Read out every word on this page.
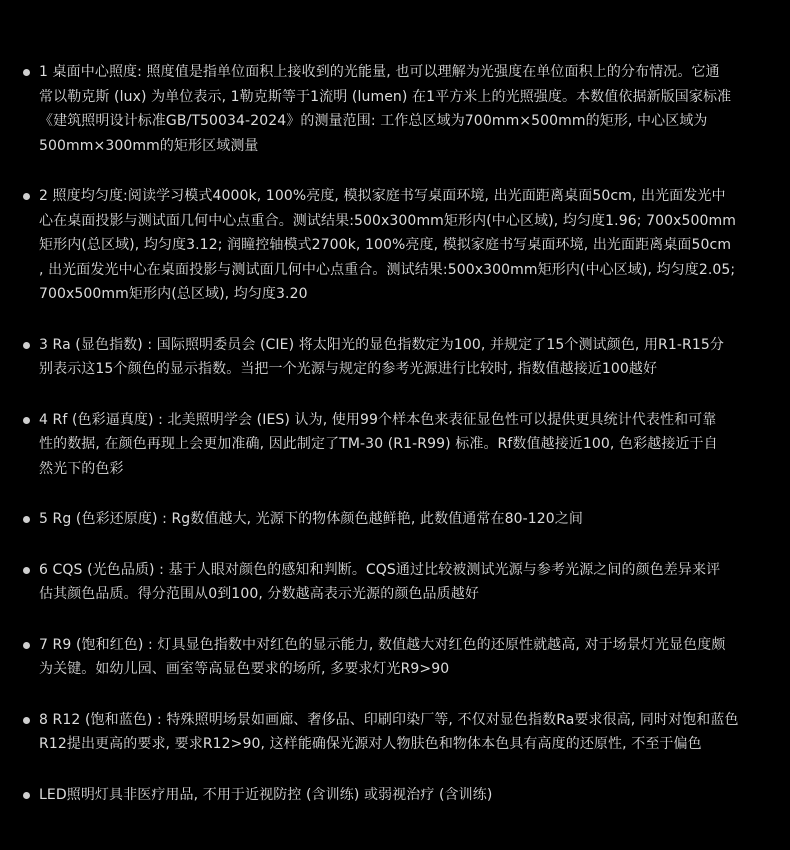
1 桌面中心照度: 照度值是指单位面积上接收到的光能量, 也可以理解为光强度在单位面积上的分布情况。它通
常以勒克斯 (lux) 为单位表示, 1勒克斯等于1流明 (lumen) 在1平方米上的光照强度。本数值依据新版国家标准
《建筑照明设计标准GB/T50034-2024》的测量范围: 工作总区域为700mm×500mm的矩形, 中心区域为
500mm×300mm的矩形区域测量
2 照度均匀度:阅读学习模式4000k, 100%亮度, 模拟家庭书写桌面环境, 出光面距离桌面50cm, 出光面发光中
心在桌面投影与测试面几何中心点重合。测试结果:500x300mm矩形内(中心区域), 均匀度1.96; 700x500mm
矩形内(总区域), 均匀度3.12; 润瞳控轴模式2700k, 100%亮度, 模拟家庭书写桌面环境, 出光面距离桌面50cm
, 出光面发光中心在桌面投影与测试面几何中心点重合。测试结果:500x300mm矩形内(中心区域), 均匀度2.05;
700x500mm矩形内(总区域), 均匀度3.20
3 Ra (显色指数) : 国际照明委员会 (CIE) 将太阳光的显色指数定为100, 并规定了15个测试颜色, 用R1-R15分
别表示这15个颜色的显示指数。当把一个光源与规定的参考光源进行比较时, 指数值越接近100越好
4 Rf (色彩逼真度) : 北美照明学会 (IES) 认为, 使用99个样本色来表征显色性可以提供更具统计代表性和可靠
性的数据, 在颜色再现上会更加准确, 因此制定了TM-30 (R1-R99) 标准。Rf数值越接近100, 色彩越接近于自
然光下的色彩
5 Rg (色彩还原度) : Rg数值越大, 光源下的物体颜色越鲜艳, 此数值通常在80-120之间
6 CQS (光色品质) : 基于人眼对颜色的感知和判断。CQS通过比较被测试光源与参考光源之间的颜色差异来评
估其颜色品质。得分范围从0到100, 分数越高表示光源的颜色品质越好
7 R9 (饱和红色) : 灯具显色指数中对红色的显示能力, 数值越大对红色的还原性就越高, 对于场景灯光显色度颇
为关键。如幼儿园、画室等高显色要求的场所, 多要求灯光R9>90
8 R12 (饱和蓝色) : 特殊照明场景如画廊、奢侈品、印刷印染厂等, 不仅对显色指数Ra要求很高, 同时对饱和蓝色
R12提出更高的要求, 要求R12>90, 这样能确保光源对人物肤色和物体本色具有高度的还原性, 不至于偏色
LED照明灯具非医疗用品, 不用于近视防控 (含训练) 或弱视治疗 (含训练)
